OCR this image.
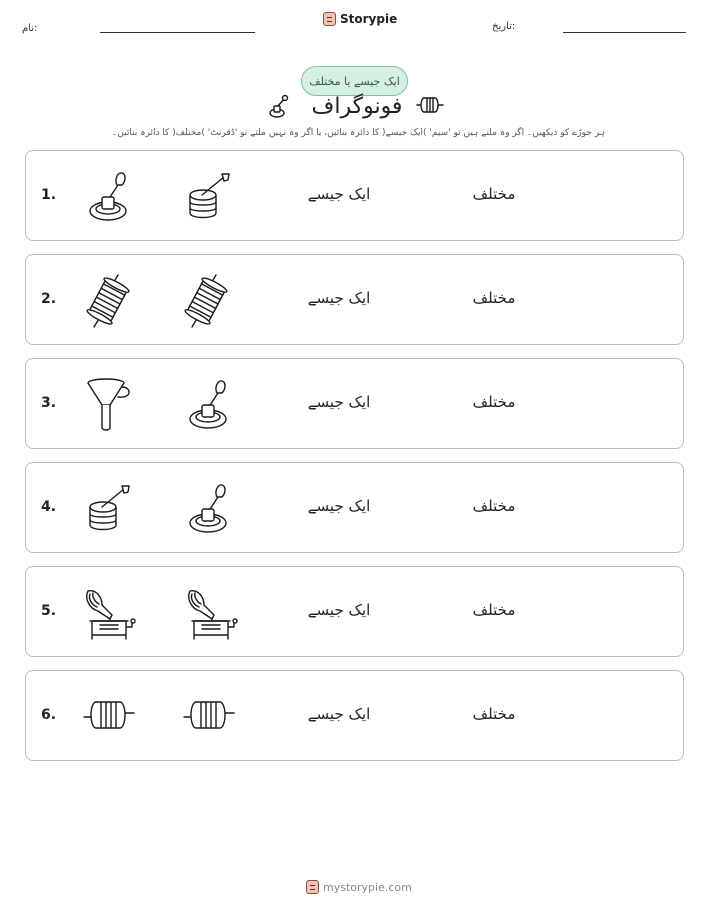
نام:
Storypie
تاریخ:
ایک جیسے یا مختلف
فونوگراف
ہر جوڑے کو دیکھیں۔ اگر وہ ملتے ہیں تو 'سیم' )ایک جیسے( کا دائرہ بنائیں، یا اگر وہ نہیں ملتے تو 'ڈفرنٹ' )مختلف( کا دائرہ بنائیں۔
1.	ایک جیسے	مختلف
2.	ایک جیسے	مختلف
3.	ایک جیسے	مختلف
4.	ایک جیسے	مختلف
5.	ایک جیسے	مختلف
6.	ایک جیسے	مختلف
mystorypie.com
